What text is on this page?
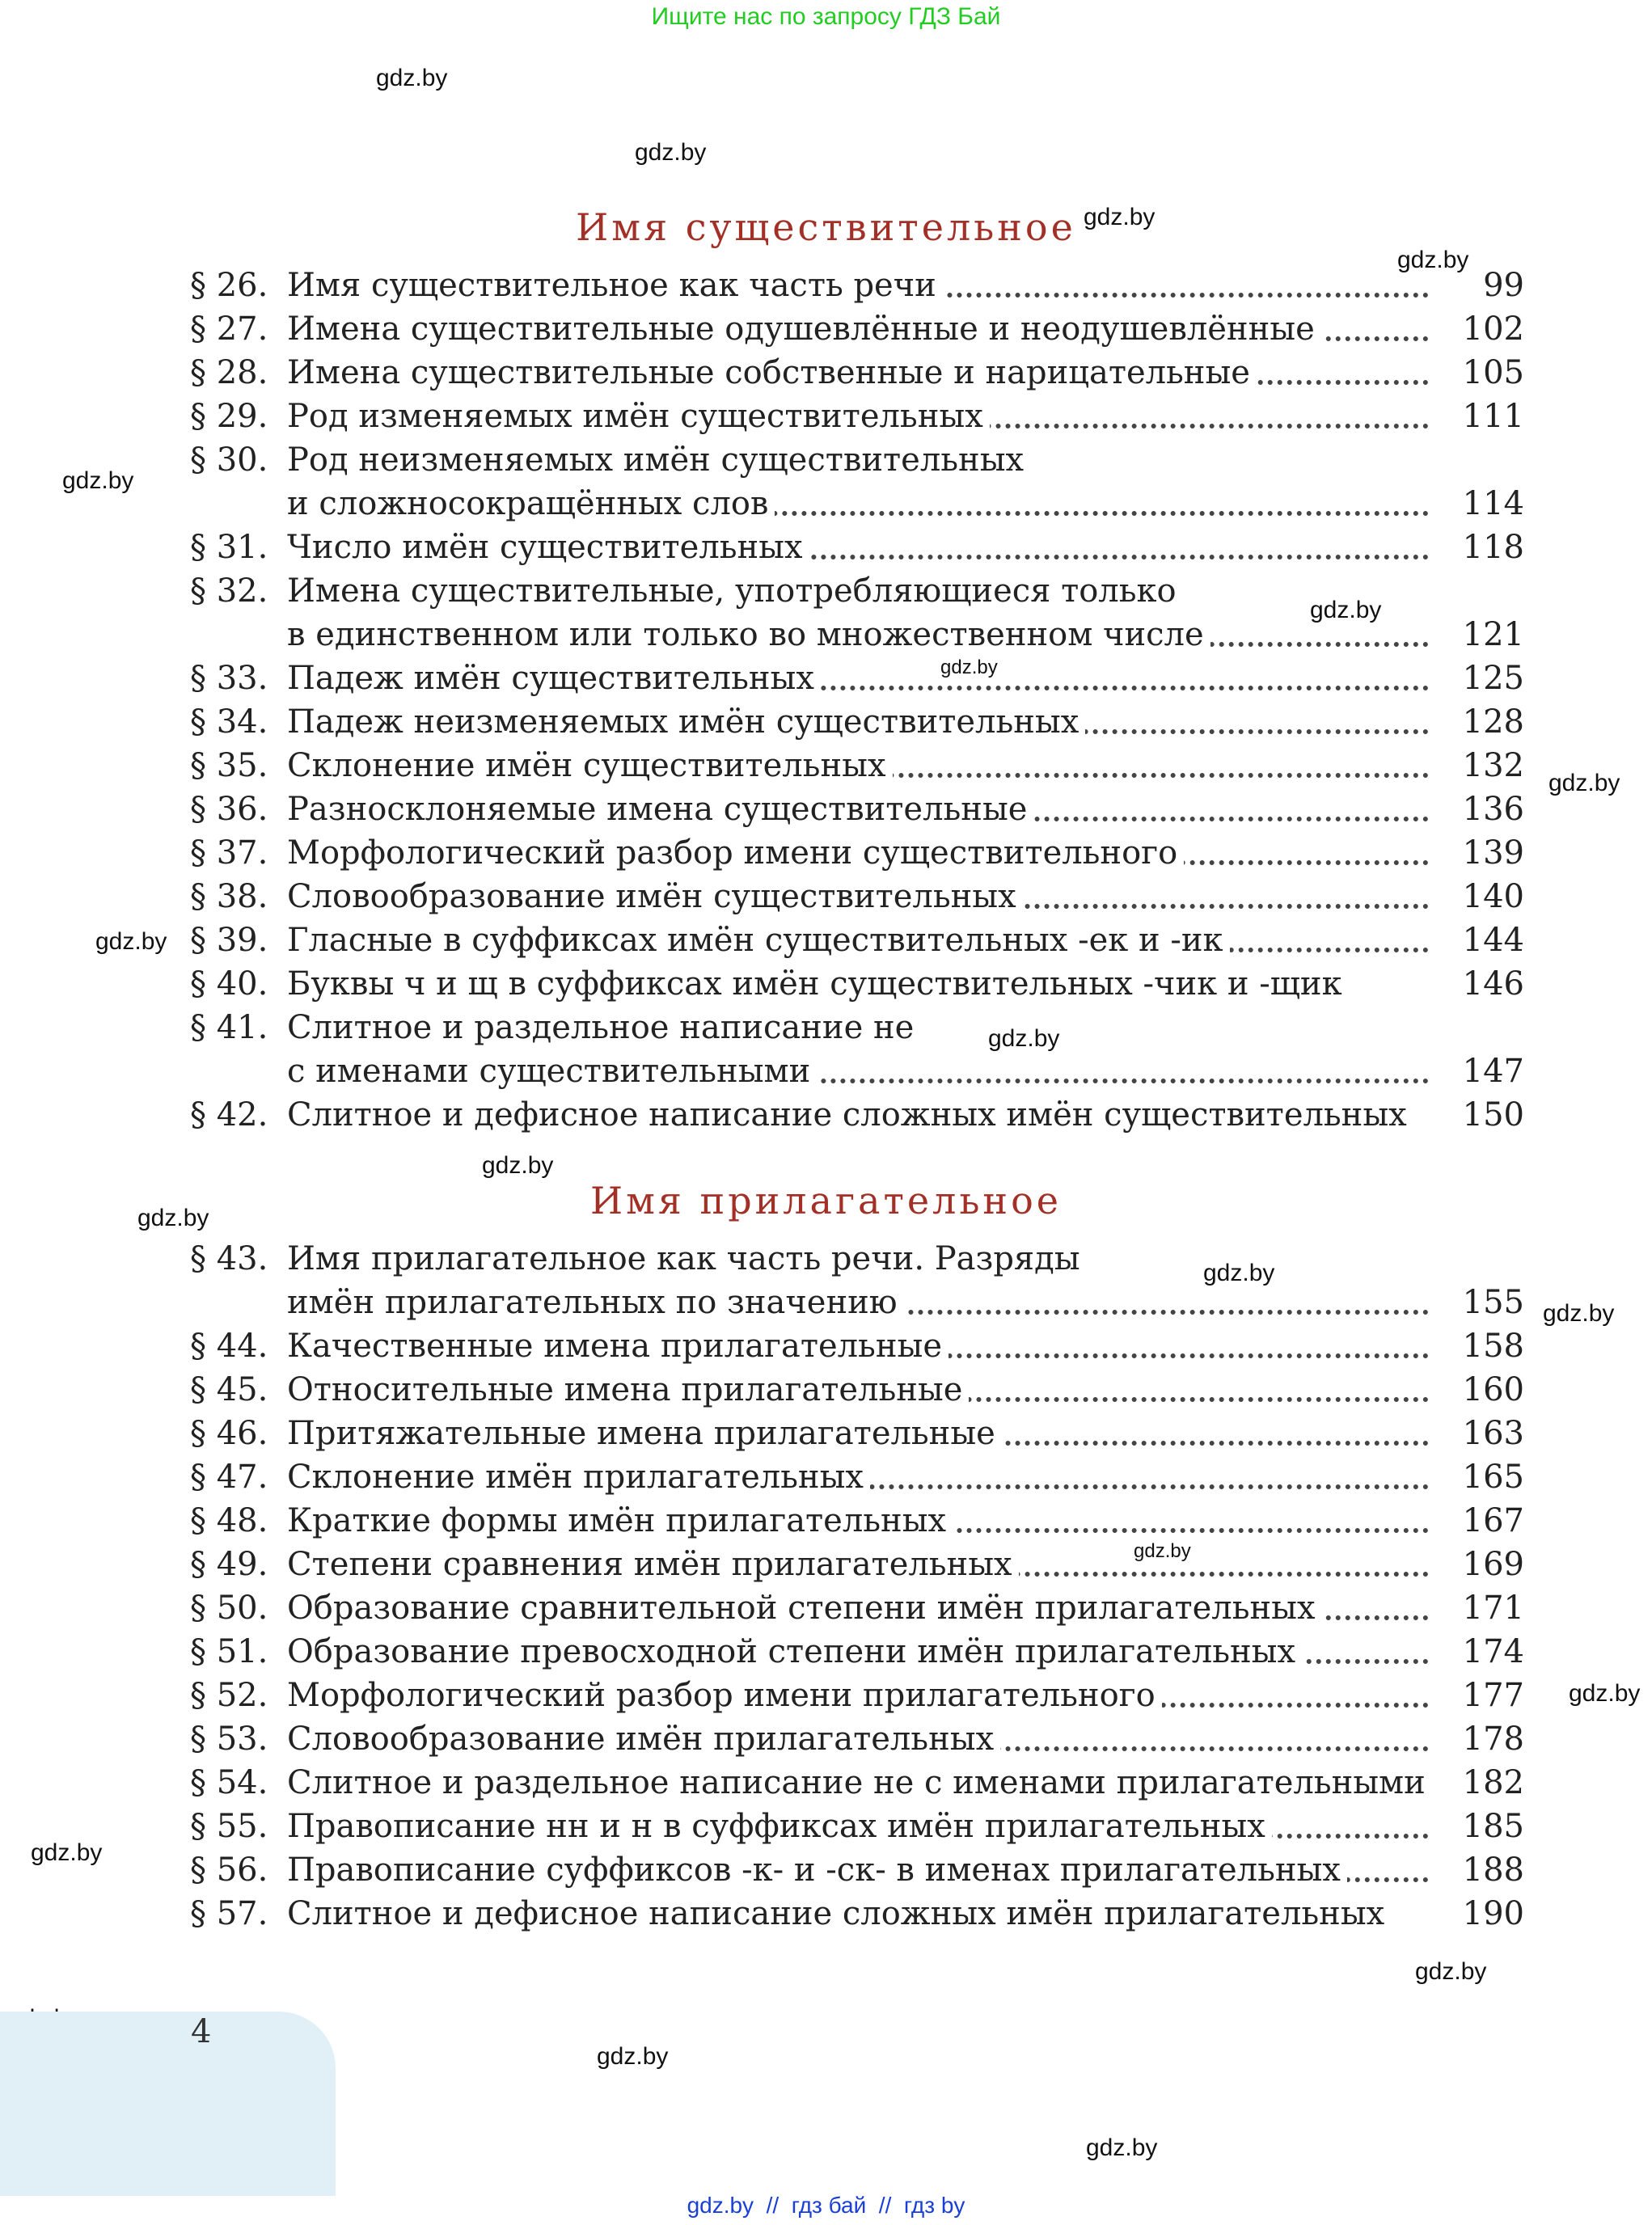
Ищите нас по запросу ГДЗ Бай
gdz.by
gdz.by
gdz.by
gdz.by
gdz.by
gdz.by
gdz.by
gdz.by
gdz.by
gdz.by
gdz.by
gdz.by
gdz.by
gdz.by
gdz.by
gdz.by
gdz.by
gdz.by
gdz.by
gdz.by
Имя существительное
§ 26. Имя существительное как часть речи	99
§ 27. Имена существительные одушевлённые и неодушевлённые	102
§ 28. Имена существительные собственные и нарицательные	105
§ 29. Род изменяемых имён существительных	111
§ 30. Род неизменяемых имён существительных
и сложносокращённых слов	114
§ 31. Число имён существительных	118
§ 32. Имена существительные, употребляющиеся только
в единственном или только во множественном числе	121
§ 33. Падеж имён существительных	125
§ 34. Падеж неизменяемых имён существительных	128
§ 35. Склонение имён существительных	132
§ 36. Разносклоняемые имена существительные	136
§ 37. Морфологический разбор имени существительного	139
§ 38. Словообразование имён существительных	140
§ 39. Гласные в суффиксах имён существительных -ек и -ик	144
§ 40. Буквы ч и щ в суффиксах имён существительных -чик и -щик	146
§ 41. Слитное и раздельное написание не
с именами существительными	147
§ 42. Слитное и дефисное написание сложных имён существительных	150
Имя прилагательное
§ 43. Имя прилагательное как часть речи. Разряды
имён прилагательных по значению	155
§ 44. Качественные имена прилагательные	158
§ 45. Относительные имена прилагательные	160
§ 46. Притяжательные имена прилагательные	163
§ 47. Склонение имён прилагательных	165
§ 48. Краткие формы имён прилагательных	167
§ 49. Степени сравнения имён прилагательных	169
§ 50. Образование сравнительной степени имён прилагательных	171
§ 51. Образование превосходной степени имён прилагательных	174
§ 52. Морфологический разбор имени прилагательного	177
§ 53. Словообразование имён прилагательных	178
§ 54. Слитное и раздельное написание не с именами прилагательными	182
§ 55. Правописание нн и н в суффиксах имён прилагательных	185
§ 56. Правописание суффиксов -к- и -ск- в именах прилагательных	188
§ 57. Слитное и дефисное написание сложных имён прилагательных	190
4
gdz.by  //  гдз бай  //  гдз by
